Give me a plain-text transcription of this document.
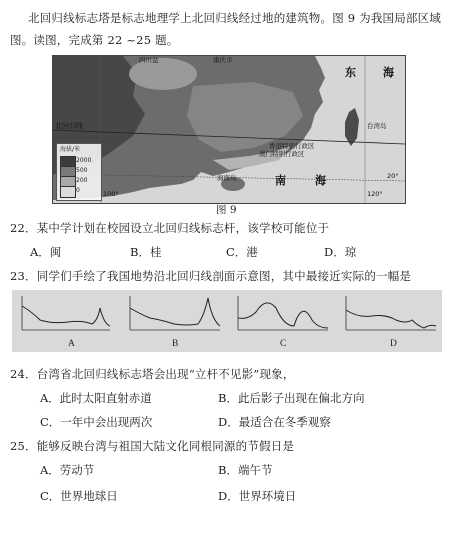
北回归线标志塔是标志地理学上北回归线经过地的建筑物。图 9 为我国局部区域
图。读图，完成第 22 ~25 题。
四川盆	重庆市
东 海
台湾岛
北回归线
香港特别行政区
澳门特别行政区
南	海
海南岛	20°
100°	120°
海拔/米
2000
500
200
0
图 9
22．某中学计划在校园设立北回归线标志杆，该学校可能位于
A．闽	B．桂	C．港	D．琼
23．同学们手绘了我国地势沿北回归线剖面示意图，其中最接近实际的一幅是
A	B	C	D
24．台湾省北回归线标志塔会出现“立杆不见影”现象，
A．此时太阳直射赤道	B．此后影子出现在偏北方向
C．一年中会出现两次	D．最适合在冬季观察
25．能够反映台湾与祖国大陆文化同根同源的节假日是
A．劳动节	B．端午节
C．世界地球日	D．世界环境日
